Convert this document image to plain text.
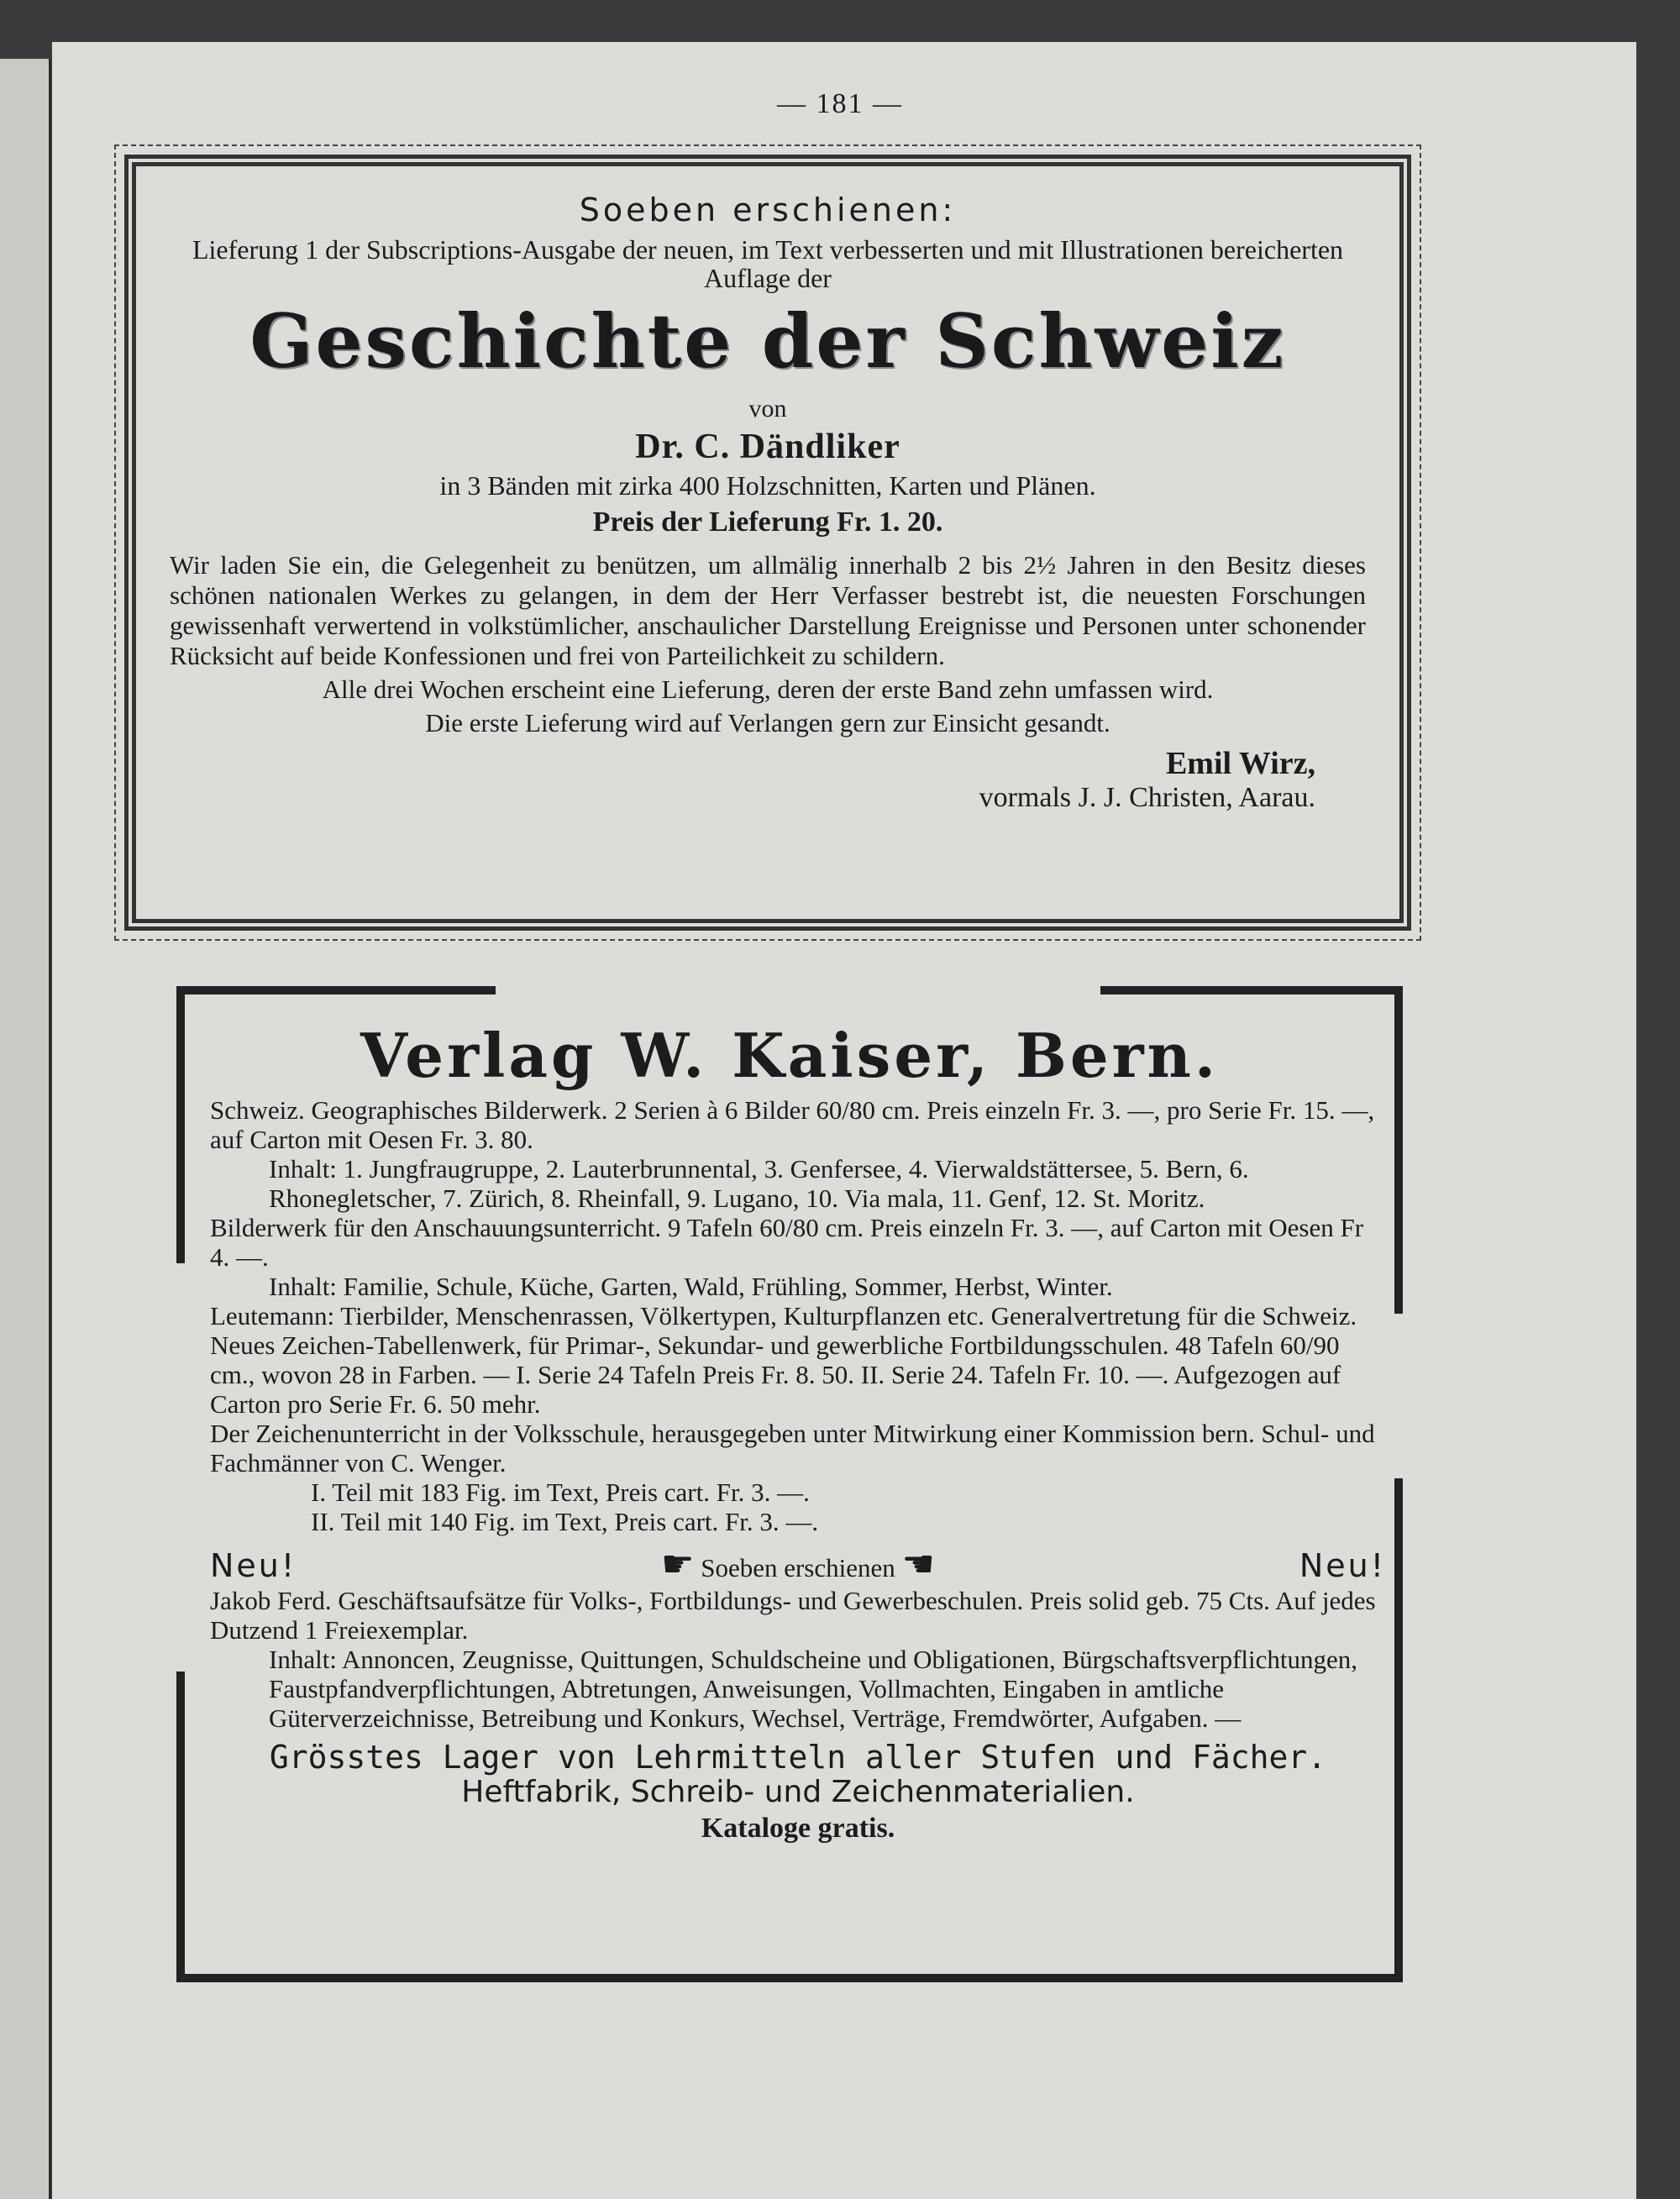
— 181 —

Soeben erschienen:

Lieferung 1 der Subscriptions-Ausgabe der neuen, im Text verbesserten und mit Illustrationen bereicherten Auflage der

Geschichte der Schweiz

von

Dr. C. Dändliker

in 3 Bänden mit zirka 400 Holzschnitten, Karten und Plänen.

Preis der Lieferung Fr. 1. 20.

Wir laden Sie ein, die Gelegenheit zu benützen, um allmälig innerhalb 2 bis 2½ Jahren in den Besitz dieses schönen nationalen Werkes zu gelangen, in dem der Herr Verfasser bestrebt ist, die neuesten Forschungen gewissenhaft verwertend in volkstümlicher, anschaulicher Darstellung Ereignisse und Personen unter schonender Rücksicht auf beide Konfessionen und frei von Parteilichkeit zu schildern.

Alle drei Wochen erscheint eine Lieferung, deren der erste Band zehn umfassen wird.

Die erste Lieferung wird auf Verlangen gern zur Einsicht gesandt.

Emil Wirz,
vormals J. J. Christen, Aarau.
Verlag W. Kaiser, Bern.

Schweiz. Geographisches Bilderwerk. 2 Serien à 6 Bilder 60/80 cm. Preis einzeln Fr. 3. —, pro Serie Fr. 15. —, auf Carton mit Oesen Fr. 3. 80.

Inhalt: 1. Jungfraugruppe, 2. Lauterbrunnental, 3. Genfersee, 4. Vierwaldstättersee, 5. Bern, 6. Rhonegletscher, 7. Zürich, 8. Rheinfall, 9. Lugano, 10. Via mala, 11. Genf, 12. St. Moritz.

Bilderwerk für den Anschauungsunterricht. 9 Tafeln 60/80 cm. Preis einzeln Fr. 3. —, auf Carton mit Oesen Fr 4. —.

Inhalt: Familie, Schule, Küche, Garten, Wald, Frühling, Sommer, Herbst, Winter.

Leutemann: Tierbilder, Menschenrassen, Völkertypen, Kulturpflanzen etc. Generalvertretung für die Schweiz.

Neues Zeichen-Tabellenwerk, für Primar-, Sekundar- und gewerbliche Fortbildungsschulen. 48 Tafeln 60/90 cm., wovon 28 in Farben. — I. Serie 24 Tafeln Preis Fr. 8. 50. II. Serie 24. Tafeln Fr. 10. —. Aufgezogen auf Carton pro Serie Fr. 6. 50 mehr.

Der Zeichenunterricht in der Volksschule, herausgegeben unter Mitwirkung einer Kommission bern. Schul- und Fachmänner von C. Wenger.

I. Teil mit 183 Fig. im Text, Preis cart. Fr. 3. —.

II. Teil mit 140 Fig. im Text, Preis cart. Fr. 3. —.

Neu!	☛ Soeben erschienen ☚	Neu!

Jakob Ferd. Geschäftsaufsätze für Volks-, Fortbildungs- und Gewerbeschulen. Preis solid geb. 75 Cts. Auf jedes Dutzend 1 Freiexemplar.

Inhalt: Annoncen, Zeugnisse, Quittungen, Schuldscheine und Obligationen, Bürgschaftsverpflichtungen, Faustpfandverpflichtungen, Abtretungen, Anweisungen, Vollmachten, Eingaben in amtliche Güterverzeichnisse, Betreibung und Konkurs, Wechsel, Verträge, Fremdwörter, Aufgaben. —

Grösstes Lager von Lehrmitteln aller Stufen und Fächer.
Heftfabrik, Schreib- und Zeichenmaterialien.
Kataloge gratis.
